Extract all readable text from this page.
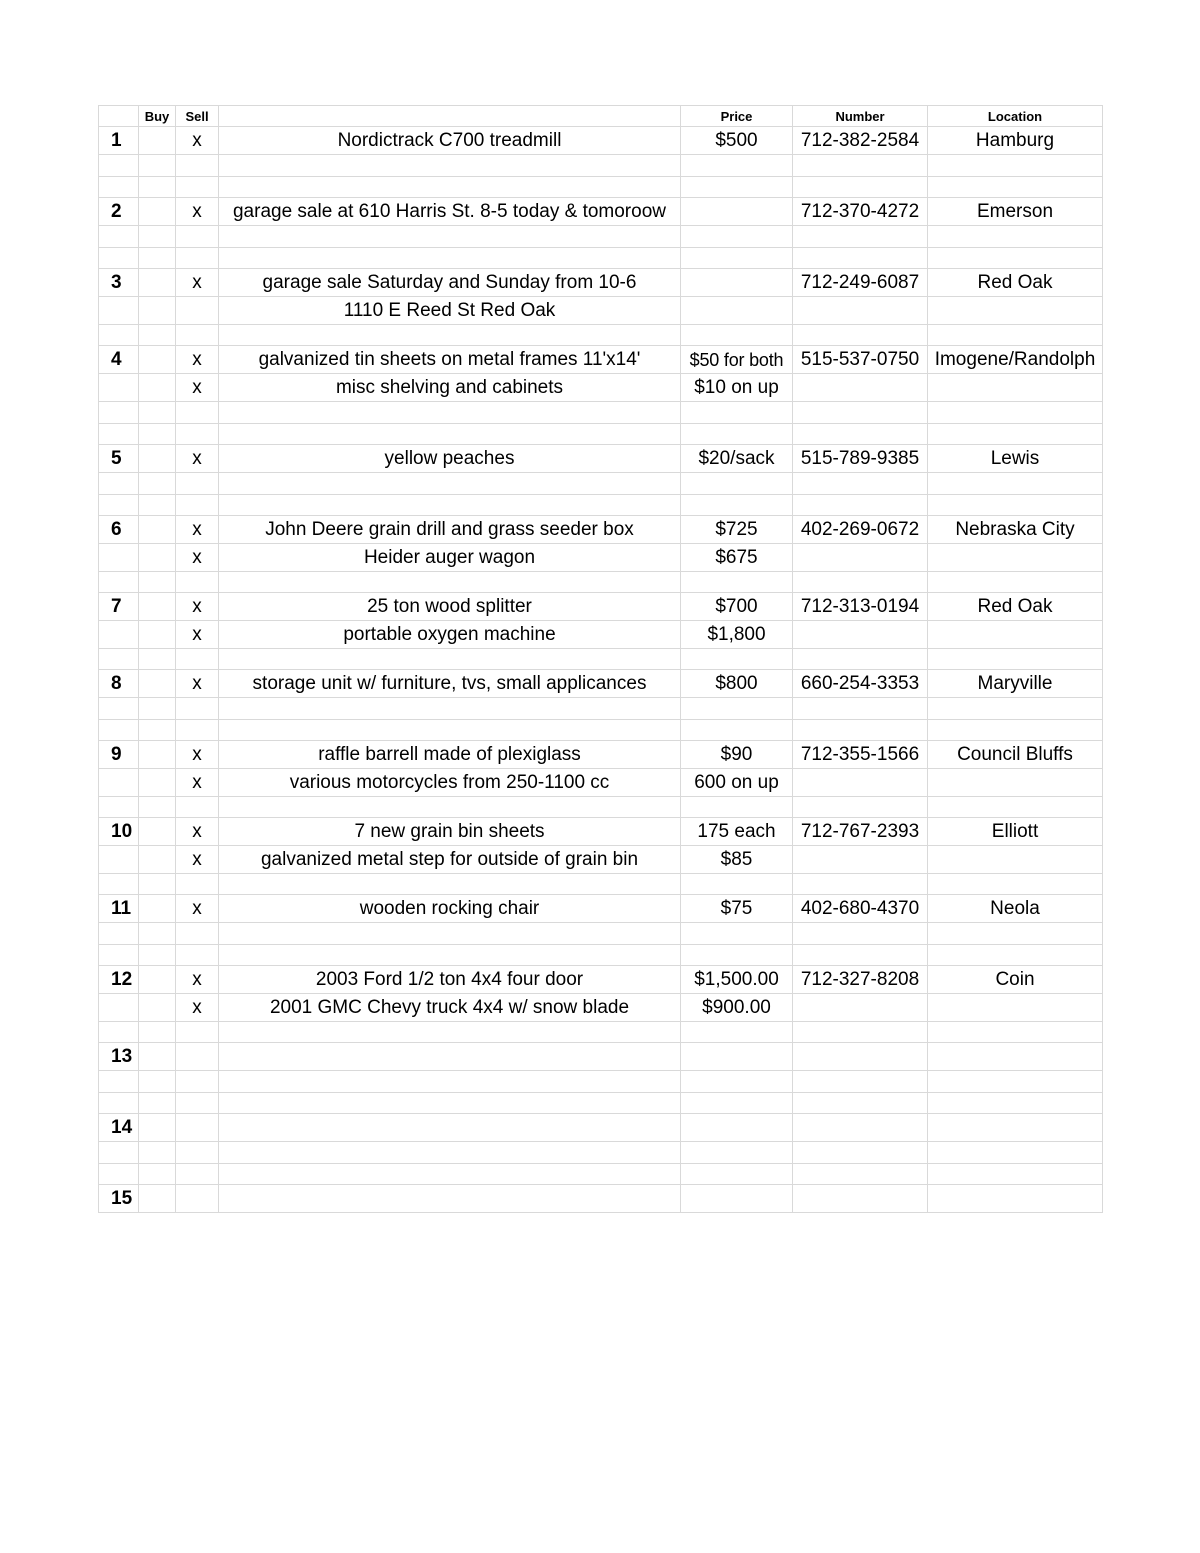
	Buy	Sell		Price	Number	Location
1		x	Nordictrack C700 treadmill	$500	712-382-2584	Hamburg

2		x	garage sale at 610 Harris St. 8-5 today & tomoroow		712-370-4272	Emerson

3		x	garage sale Saturday and Sunday from 10-6		712-249-6087	Red Oak
			1110 E Reed St Red Oak			

4		x	galvanized tin sheets on metal frames 11'x14'	$50 for both	515-537-0750	Imogene/Randolph
		x	misc shelving and cabinets	$10 on up		

5		x	yellow peaches	$20/sack	515-789-9385	Lewis

6		x	John Deere grain drill and grass seeder box	$725	402-269-0672	Nebraska City
		x	Heider auger wagon	$675		

7		x	25 ton wood splitter	$700	712-313-0194	Red Oak
		x	portable oxygen machine	$1,800		

8		x	storage unit w/ furniture, tvs, small applicances	$800	660-254-3353	Maryville

9		x	raffle barrell made of plexiglass	$90	712-355-1566	Council Bluffs
		x	various motorcycles from 250-1100 cc	600 on up		

10		x	7 new grain bin sheets	175 each	712-767-2393	Elliott
		x	galvanized metal step for outside of grain bin	$85		

11		x	wooden rocking chair	$75	402-680-4370	Neola

12		x	2003 Ford 1/2 ton 4x4 four door	$1,500.00	712-327-8208	Coin
		x	2001 GMC Chevy truck 4x4 w/ snow blade	$900.00		

13						

14						

15						
